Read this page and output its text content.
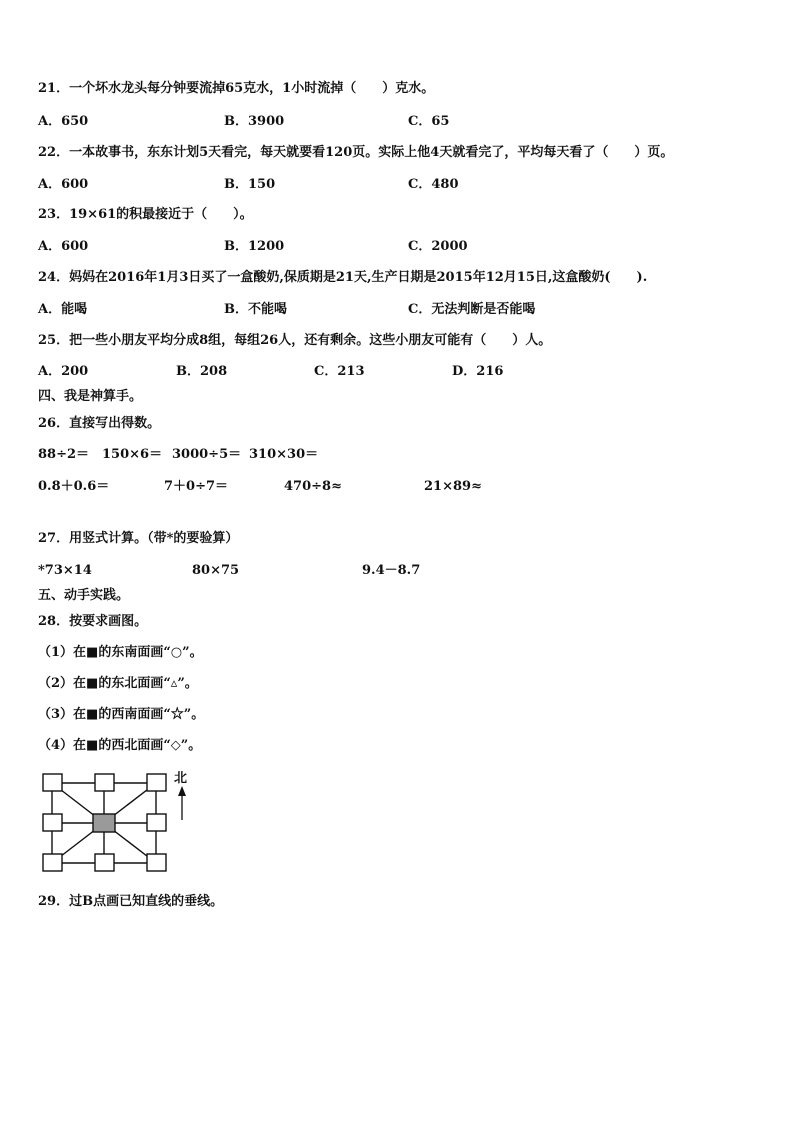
21．一个坏水龙头每分钟要流掉65克水，1小时流掉（　　）克水。
A．650	B．3900	C．65
22．一本故事书，东东计划5天看完，每天就要看120页。实际上他4天就看完了，平均每天看了（　　）页。
A．600	B．150	C．480
23．19×61的积最接近于（　　）。
A．600	B．1200	C．2000
24．妈妈在2016年1月3日买了一盒酸奶,保质期是21天,生产日期是2015年12月15日,这盒酸奶(　　).
A．能喝	B．不能喝	C．无法判断是否能喝
25．把一些小朋友平均分成8组，每组26人，还有剩余。这些小朋友可能有（　　）人。
A．200	B．208	C．213	D．216
四、我是神算手。
26．直接写出得数。
88÷2＝ 150×6＝ 3000÷5＝ 310×30＝
0.8＋0.6＝	7＋0÷7＝	470÷8≈	21×89≈
27．用竖式计算。（带*的要验算）
*73×14	80×75	9.4－8.7
五、动手实践。
28．按要求画图。
（1）在■的东南面画“○”。
（2）在■的东北面画“▵”。
（3）在■的西南面画“☆”。
（4）在■的西北面画“◇”。
北
29．过B点画已知直线的垂线。
